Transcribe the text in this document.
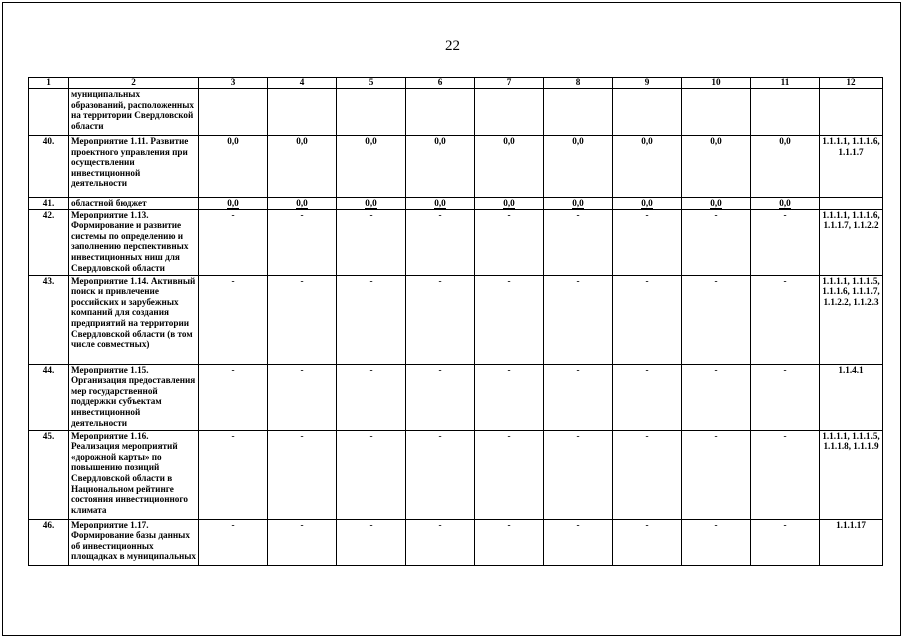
22
1	2	3	4	5	6	7	8	9	10	11	12
	муниципальных образований, расположенных на территории Свердловской области										
40.	Мероприятие 1.11. Развитие проектного управления при осуществлении инвестиционной деятельности	0,0	0,0	0,0	0,0	0,0	0,0	0,0	0,0	0,0	1.1.1.1, 1.1.1.6, 1.1.1.7
41.	областной бюджет	0,0	0,0	0,0	0,0	0,0	0,0	0,0	0,0	0,0	
42.	Мероприятие 1.13. Формирование и развитие системы по определению и заполнению перспективных инвестиционных ниш для Свердловской области	-	-	-	-	-	-	-	-	-	1.1.1.1, 1.1.1.6, 1.1.1.7, 1.1.2.2
43.	Мероприятие 1.14. Активный поиск и привлечение российских и зарубежных компаний для создания предприятий на территории Свердловской области (в том числе совместных)	-	-	-	-	-	-	-	-	-	1.1.1.1, 1.1.1.5, 1.1.1.6, 1.1.1.7, 1.1.2.2, 1.1.2.3
44.	Мероприятие 1.15. Организация предоставления мер государственной поддержки субъектам инвестиционной деятельности	-	-	-	-	-	-	-	-	-	1.1.4.1
45.	Мероприятие 1.16. Реализация мероприятий «дорожной карты» по повышению позиций Свердловской области в Национальном рейтинге состояния инвестиционного климата	-	-	-	-	-	-	-	-	-	1.1.1.1, 1.1.1.5, 1.1.1.8, 1.1.1.9
46.	Мероприятие 1.17. Формирование базы данных об инвестиционных площадках в муниципальных	-	-	-	-	-	-	-	-	-	1.1.1.17
